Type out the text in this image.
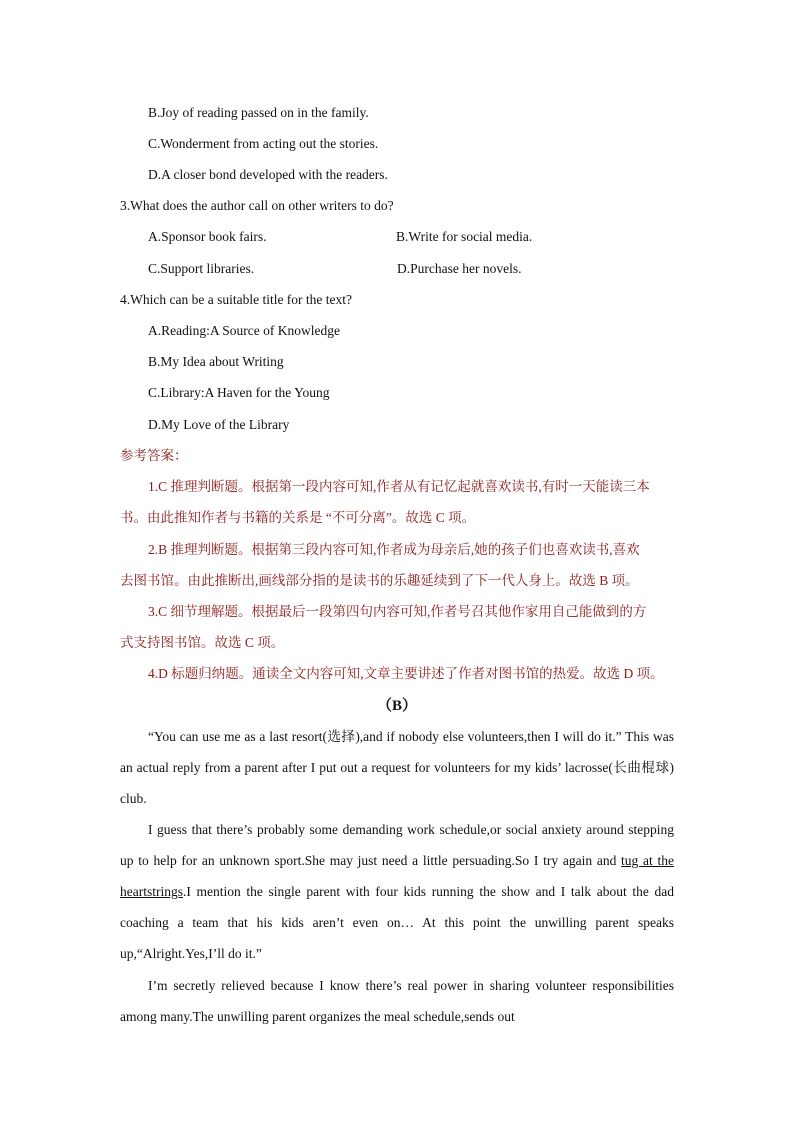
B.Joy of reading passed on in the family.
C.Wonderment from acting out the stories.
D.A closer bond developed with the readers.
3.What does the author call on other writers to do?
A.Sponsor book fairs.	B.Write for social media.
C.Support libraries.	D.Purchase her novels.
4.Which can be a suitable title for the text?
A.Reading:A Source of Knowledge
B.My Idea about Writing
C.Library:A Haven for the Young
D.My Love of the Library
参考答案：
1.C 推理判断题。根据第一段内容可知,作者从有记忆起就喜欢读书,有时一天能读三本
书。由此推知作者与书籍的关系是 “不可分离”。故选 C 项。
2.B 推理判断题。根据第三段内容可知,作者成为母亲后,她的孩子们也喜欢读书,喜欢
去图书馆。由此推断出,画线部分指的是读书的乐趣延续到了下一代人身上。故选 B 项。
3.C 细节理解题。根据最后一段第四句内容可知,作者号召其他作家用自己能做到的方
式支持图书馆。故选 C 项。
4.D 标题归纳题。通读全文内容可知,文章主要讲述了作者对图书馆的热爱。故选 D 项。
（B）
“You can use me as a last resort(选择),and if nobody else volunteers,then I will do it.” This was an actual reply from a parent after I put out a request for volunteers for my kids’ lacrosse(长曲棍球) club.
I guess that there’s probably some demanding work schedule,or social anxiety around stepping up to help for an unknown sport.She may just need a little persuading.So I try again and tug at the heartstrings.I mention the single parent with four kids running the show and I talk about the dad coaching a team that his kids aren’t even on… At this point the unwilling parent speaks up,“Alright.Yes,I’ll do it.”
I’m secretly relieved because I know there’s real power in sharing volunteer responsibilities among many.The unwilling parent organizes the meal schedule,sends out
